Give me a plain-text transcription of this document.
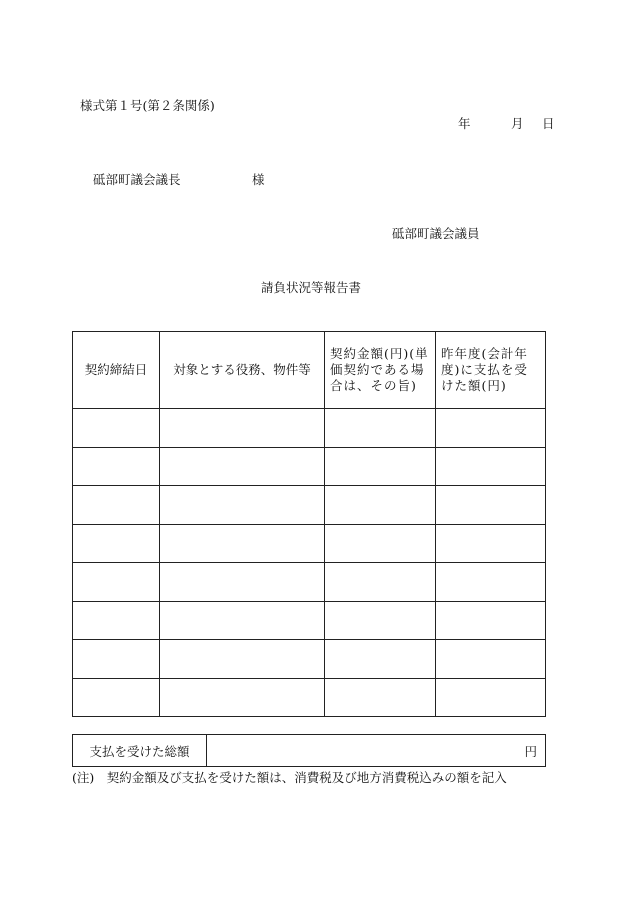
様式第１号(第２条関係)
年	月 日
砥部町議会議長	様
砥部町議会議員
請負状況等報告書
契約締結日	対象とする役務、物件等	契約金額(円)(単価契約である場合は、その旨)	昨年度(会計年度)に支払を受けた額(円)

支払を受けた総額	円
(注)　契約金額及び支払を受けた額は、消費税及び地方消費税込みの額を記入
